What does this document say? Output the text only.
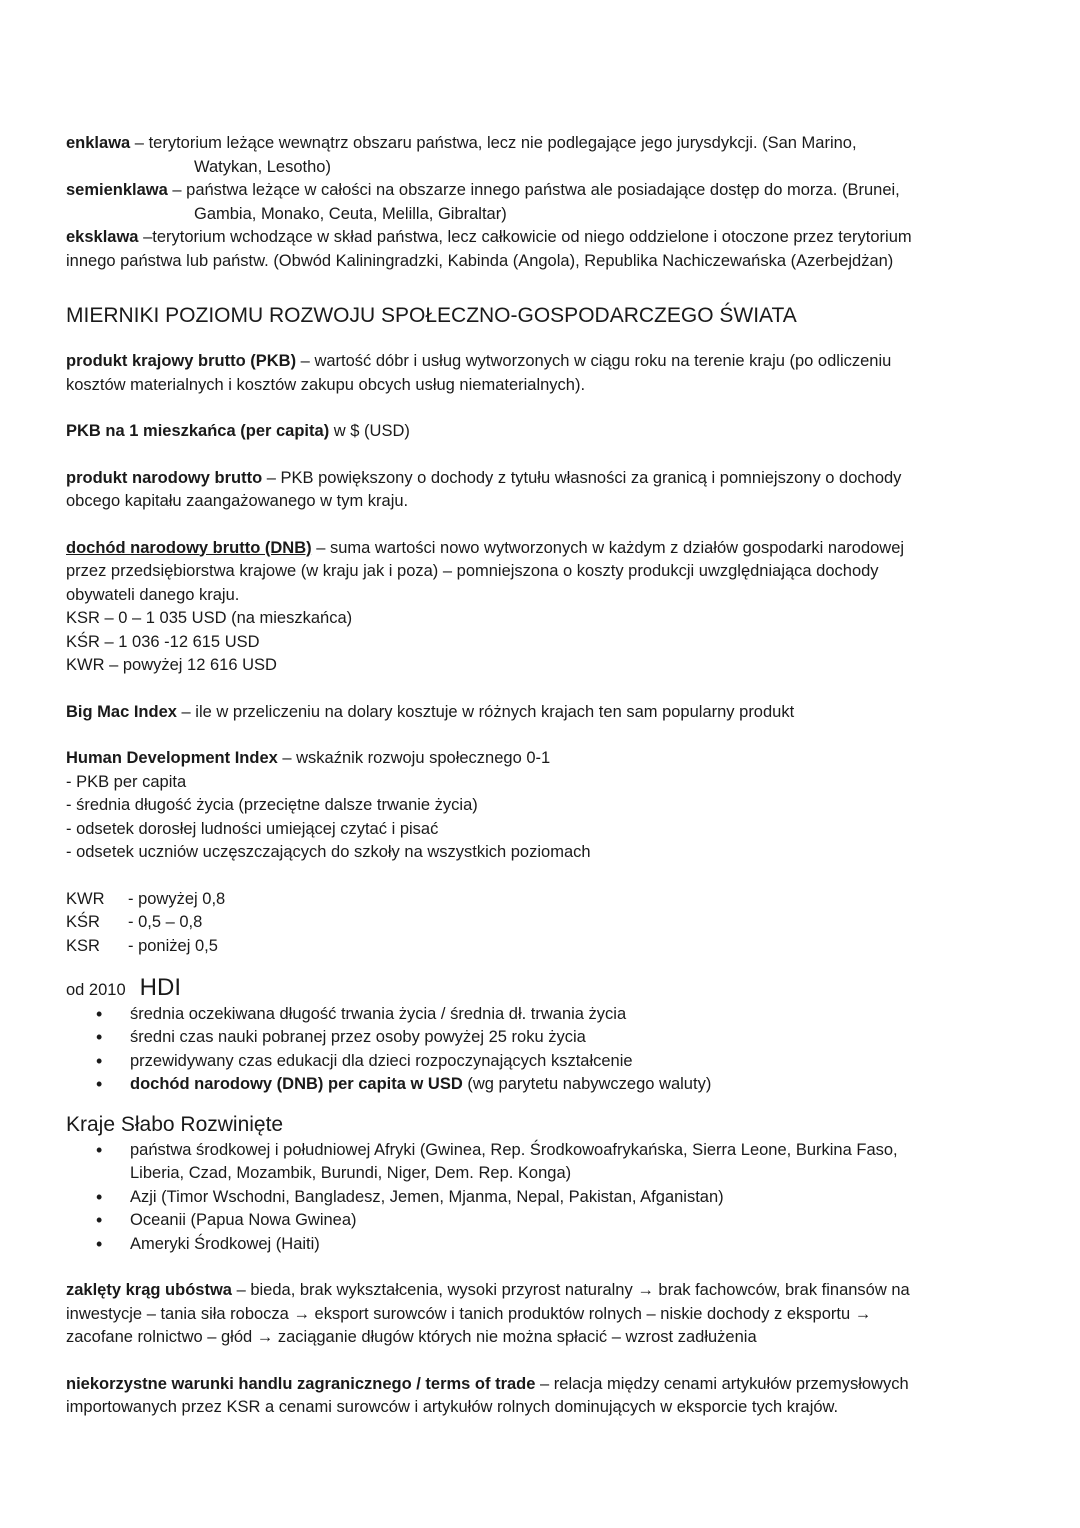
enklawa – terytorium leżące wewnątrz obszaru państwa, lecz nie podlegające jego jurysdykcji. (San Marino,

Watykan, Lesotho)

semienklawa – państwa leżące w całości na obszarze innego państwa ale posiadające dostęp do morza. (Brunei,

Gambia, Monako, Ceuta, Melilla, Gibraltar)

eksklawa –terytorium wchodzące w skład państwa, lecz całkowicie od niego oddzielone i otoczone przez terytorium

innego państwa lub państw. (Obwód Kaliningradzki, Kabinda (Angola), Republika Nachiczewańska (Azerbejdżan)

MIERNIKI POZIOMU ROZWOJU SPOŁECZNO-GOSPODARCZEGO ŚWIATA

produkt krajowy brutto (PKB) – wartość dóbr i usług wytworzonych w ciągu roku na terenie kraju (po odliczeniu

kosztów materialnych i kosztów zakupu obcych usług niematerialnych).

PKB na 1 mieszkańca (per capita) w $ (USD)

produkt narodowy brutto – PKB powiększony o dochody z tytułu własności za granicą i pomniejszony o dochody

obcego kapitału zaangażowanego w tym kraju.

dochód narodowy brutto (DNB) – suma wartości nowo wytworzonych w każdym z działów gospodarki narodowej

przez przedsiębiorstwa krajowe (w kraju jak i poza) – pomniejszona o koszty produkcji uwzględniająca dochody

obywateli danego kraju.

KSR – 0 – 1 035 USD (na mieszkańca)

KŚR – 1 036 -12 615 USD

KWR – powyżej 12 616 USD

Big Mac Index – ile w przeliczeniu na dolary kosztuje w różnych krajach ten sam popularny produkt

Human Development Index – wskaźnik rozwoju społecznego 0-1

- PKB per capita

- średnia długość życia (przeciętne dalsze trwanie życia)

- odsetek dorosłej ludności umiejącej czytać i pisać

- odsetek uczniów uczęszczających do szkoły na wszystkich poziomach

KWR	- powyżej 0,8
KŚR	- 0,5 – 0,8
KSR	- poniżej 0,5

od 2010 HDI

• średnia oczekiwana długość trwania życia / średnia dł. trwania życia
• średni czas nauki pobranej przez osoby powyżej 25 roku życia
• przewidywany czas edukacji dla dzieci rozpoczynających kształcenie
• dochód narodowy (DNB) per capita w USD (wg parytetu nabywczego waluty)

Kraje Słabo Rozwinięte

• państwa środkowej i południowej Afryki (Gwinea, Rep. Środkowoafrykańska, Sierra Leone, Burkina Faso,
Liberia, Czad, Mozambik, Burundi, Niger, Dem. Rep. Konga)
• Azji (Timor Wschodni, Bangladesz, Jemen, Mjanma, Nepal, Pakistan, Afganistan)
• Oceanii (Papua Nowa Gwinea)
• Ameryki Środkowej (Haiti)

zaklęty krąg ubóstwa – bieda, brak wykształcenia, wysoki przyrost naturalny → brak fachowców, brak finansów na

inwestycje – tania siła robocza → eksport surowców i tanich produktów rolnych – niskie dochody z eksportu →

zacofane rolnictwo – głód → zaciąganie długów których nie można spłacić – wzrost zadłużenia

niekorzystne warunki handlu zagranicznego / terms of trade – relacja między cenami artykułów przemysłowych

importowanych przez KSR a cenami surowców i artykułów rolnych dominujących w eksporcie tych krajów.
